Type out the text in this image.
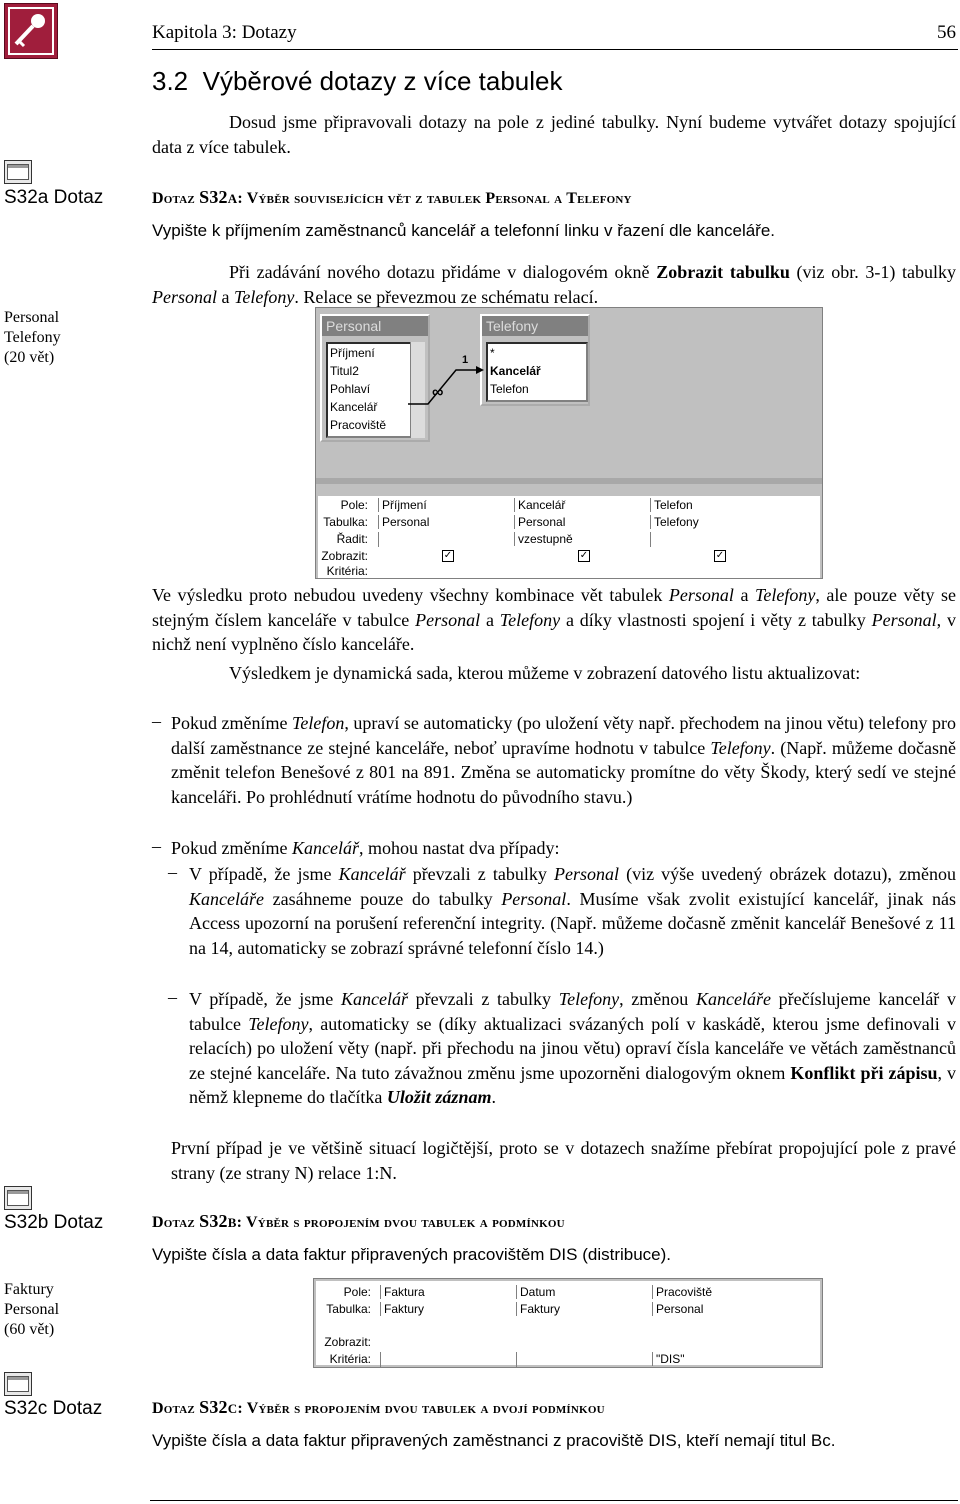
Kapitola 3: Dotazy	56
3.2 Výběrové dotazy z více tabulek
Dosud jsme připravovali dotazy na pole z jediné tabulky. Nyní budeme vytvářet dotazy spojující data z více tabulek.
S32a Dotaz
Personal
Telefony
(20 vět)
Dotaz S32a: Výběr souvisejících vět z tabulek Personal a Telefony
Vypište k příjmením zaměstnanců kancelář a telefonní linku v řazení dle kanceláře.
Při zadávání nového dotazu přidáme v dialogovém okně Zobrazit tabulku (viz obr. 3-1) tabulky Personal a Telefony. Relace se převezmou ze schématu relací.
Personal
Příjmení
Titul2
Pohlaví
Kancelář
Pracoviště
Telefony
*
Kancelář
Telefon
1
∞
Pole:
Tabulka:
Řadit:
Zobrazit:
Kritéria:
Příjmení
Personal
✓
Kancelář
Personal
vzestupně
✓
Telefon
Telefony
✓
Ve výsledku proto nebudou uvedeny všechny kombinace vět tabulek Personal a Telefony, ale pouze věty se stejným číslem kanceláře v tabulce Personal a Telefony a díky vlastnosti spojení i věty z tabulky Personal, v nichž není vyplněno číslo kanceláře.
Výsledkem je dynamická sada, kterou můžeme v zobrazení datového listu aktualizovat:
– Pokud změníme Telefon, upraví se automaticky (po uložení věty např. přechodem na jinou větu) telefony pro další zaměstnance ze stejné kanceláře, neboť upravíme hodnotu v tabulce Telefony. (Např. můžeme dočasně změnit telefon Benešové z 801 na 891. Změna se automaticky promítne do věty Škody, který sedí ve stejné kanceláři. Po prohlédnutí vrátíme hodnotu do původního stavu.)
– Pokud změníme Kancelář, mohou nastat dva případy:
– V případě, že jsme Kancelář převzali z tabulky Personal (viz výše uvedený obrázek dotazu), změnou Kanceláře zasáhneme pouze do tabulky Personal. Musíme však zvolit existující kancelář, jinak nás Access upozorní na porušení referenční integrity. (Např. můžeme dočasně změnit kancelář Benešové z 11 na 14, automaticky se zobrazí správné telefonní číslo 14.)
– V případě, že jsme Kancelář převzali z tabulky Telefony, změnou Kanceláře přečíslujeme kancelář v tabulce Telefony, automaticky se (díky aktualizaci svázaných polí v kaskádě, kterou jsme definovali v relacích) po uložení věty (např. při přechodu na jinou větu) opraví čísla kanceláře ve větách zaměstnanců ze stejné kanceláře. Na tuto závažnou změnu jsme upozorněni dialogovým oknem Konflikt při zápisu, v němž klepneme do tlačítka Uložit záznam.
První případ je ve většině situací logičtější, proto se v dotazech snažíme přebírat propojující pole z pravé strany (ze strany N) relace 1:N.
S32b Dotaz
Faktury
Personal
(60 vět)
Dotaz S32b: Výběr s propojením dvou tabulek a podmínkou
Vypište čísla a data faktur připravených pracovištěm DIS (distribuce).
Pole:
Tabulka:
Zobrazit:
Kritéria:
Faktura
Faktury
Datum
Faktury
Pracoviště
Personal
"DIS"
S32c Dotaz	Dotaz S32c: Výběr s propojením dvou tabulek a dvojí podmínkou
Vypište čísla a data faktur připravených zaměstnanci z pracoviště DIS, kteří nemají titul Bc.
